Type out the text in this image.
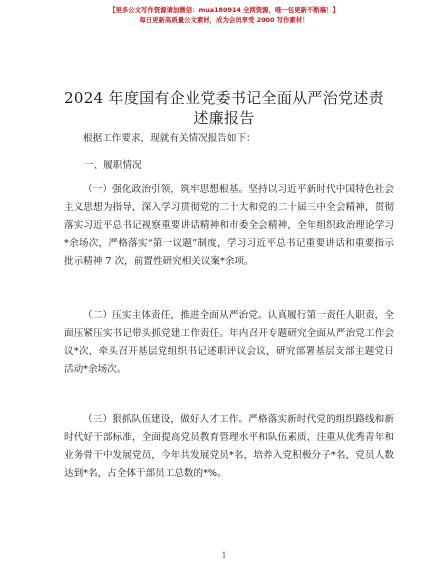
【更多公文写作资源请加微信：mua180914 全网资源，唯一包更新不断稿！】
每日更新高质量公文素材，成为会员享受 2000 写作素材！
2024 年度国有企业党委书记全面从严治党述责
述廉报告
根据工作要求，现就有关情况报告如下：
一、履职情况
（一）强化政治引领，筑牢思想根基。坚持以习近平新时代中国特色社会主义思想为指导，深入学习贯彻党的二十大和党的二十届三中全会精神，贯彻落实习近平总书记视察重要讲话精神和市委全会精神，全年组织政治理论学习*余场次，严格落实“第一议题”制度，学习习近平总书记重要讲话和重要指示批示精神 7 次，前置性研究相关议案*余项。
（二）压实主体责任，推进全面从严治党。认真履行第一责任人职责，全面压紧压实书记带头抓党建工作责任。年内召开专题研究全面从严治党工作会议*次，牵头召开基层党组织书记述职评议会议，研究部署基层支部主题党日活动*余场次。
（三）狠抓队伍建设，做好人才工作。严格落实新时代党的组织路线和新时代好干部标准，全面提高党员教育管理水平和队伍素质，注重从优秀青年和业务骨干中发展党员，今年共发展党员*名，培养入党积极分子*名，党员人数达到*名，占全体干部员工总数的*%。
1
